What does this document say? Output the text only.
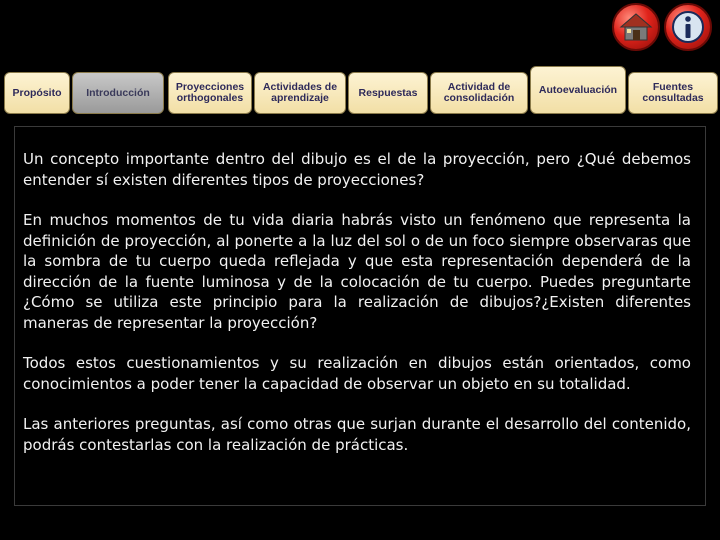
Propósito Introducción Proyecciones
orthogonales
Actividades de
aprendizaje	Respuestas	Actividad de
consolidación
Autoevaluación	Fuentes
consultadas

Un concepto importante dentro del dibujo es el de la proyección, pero ¿Qué debemos entender sí existen diferentes tipos de proyecciones?

En muchos momentos de tu vida diaria habrás visto un fenómeno que representa la definición de proyección, al ponerte a la luz del sol o de un foco siempre observaras que la sombra de tu cuerpo queda reflejada y que esta representación dependerá de la dirección de la fuente luminosa y de la colocación de tu cuerpo. Puedes preguntarte ¿Cómo se utiliza este principio para la realización de dibujos?¿Existen diferentes maneras de representar la proyección?

Todos estos cuestionamientos y su realización en dibujos están orientados, como conocimientos a poder tener la capacidad de observar un objeto en su totalidad.

Las anteriores preguntas, así como otras que surjan durante el desarrollo del contenido, podrás contestarlas con la realización de prácticas.
